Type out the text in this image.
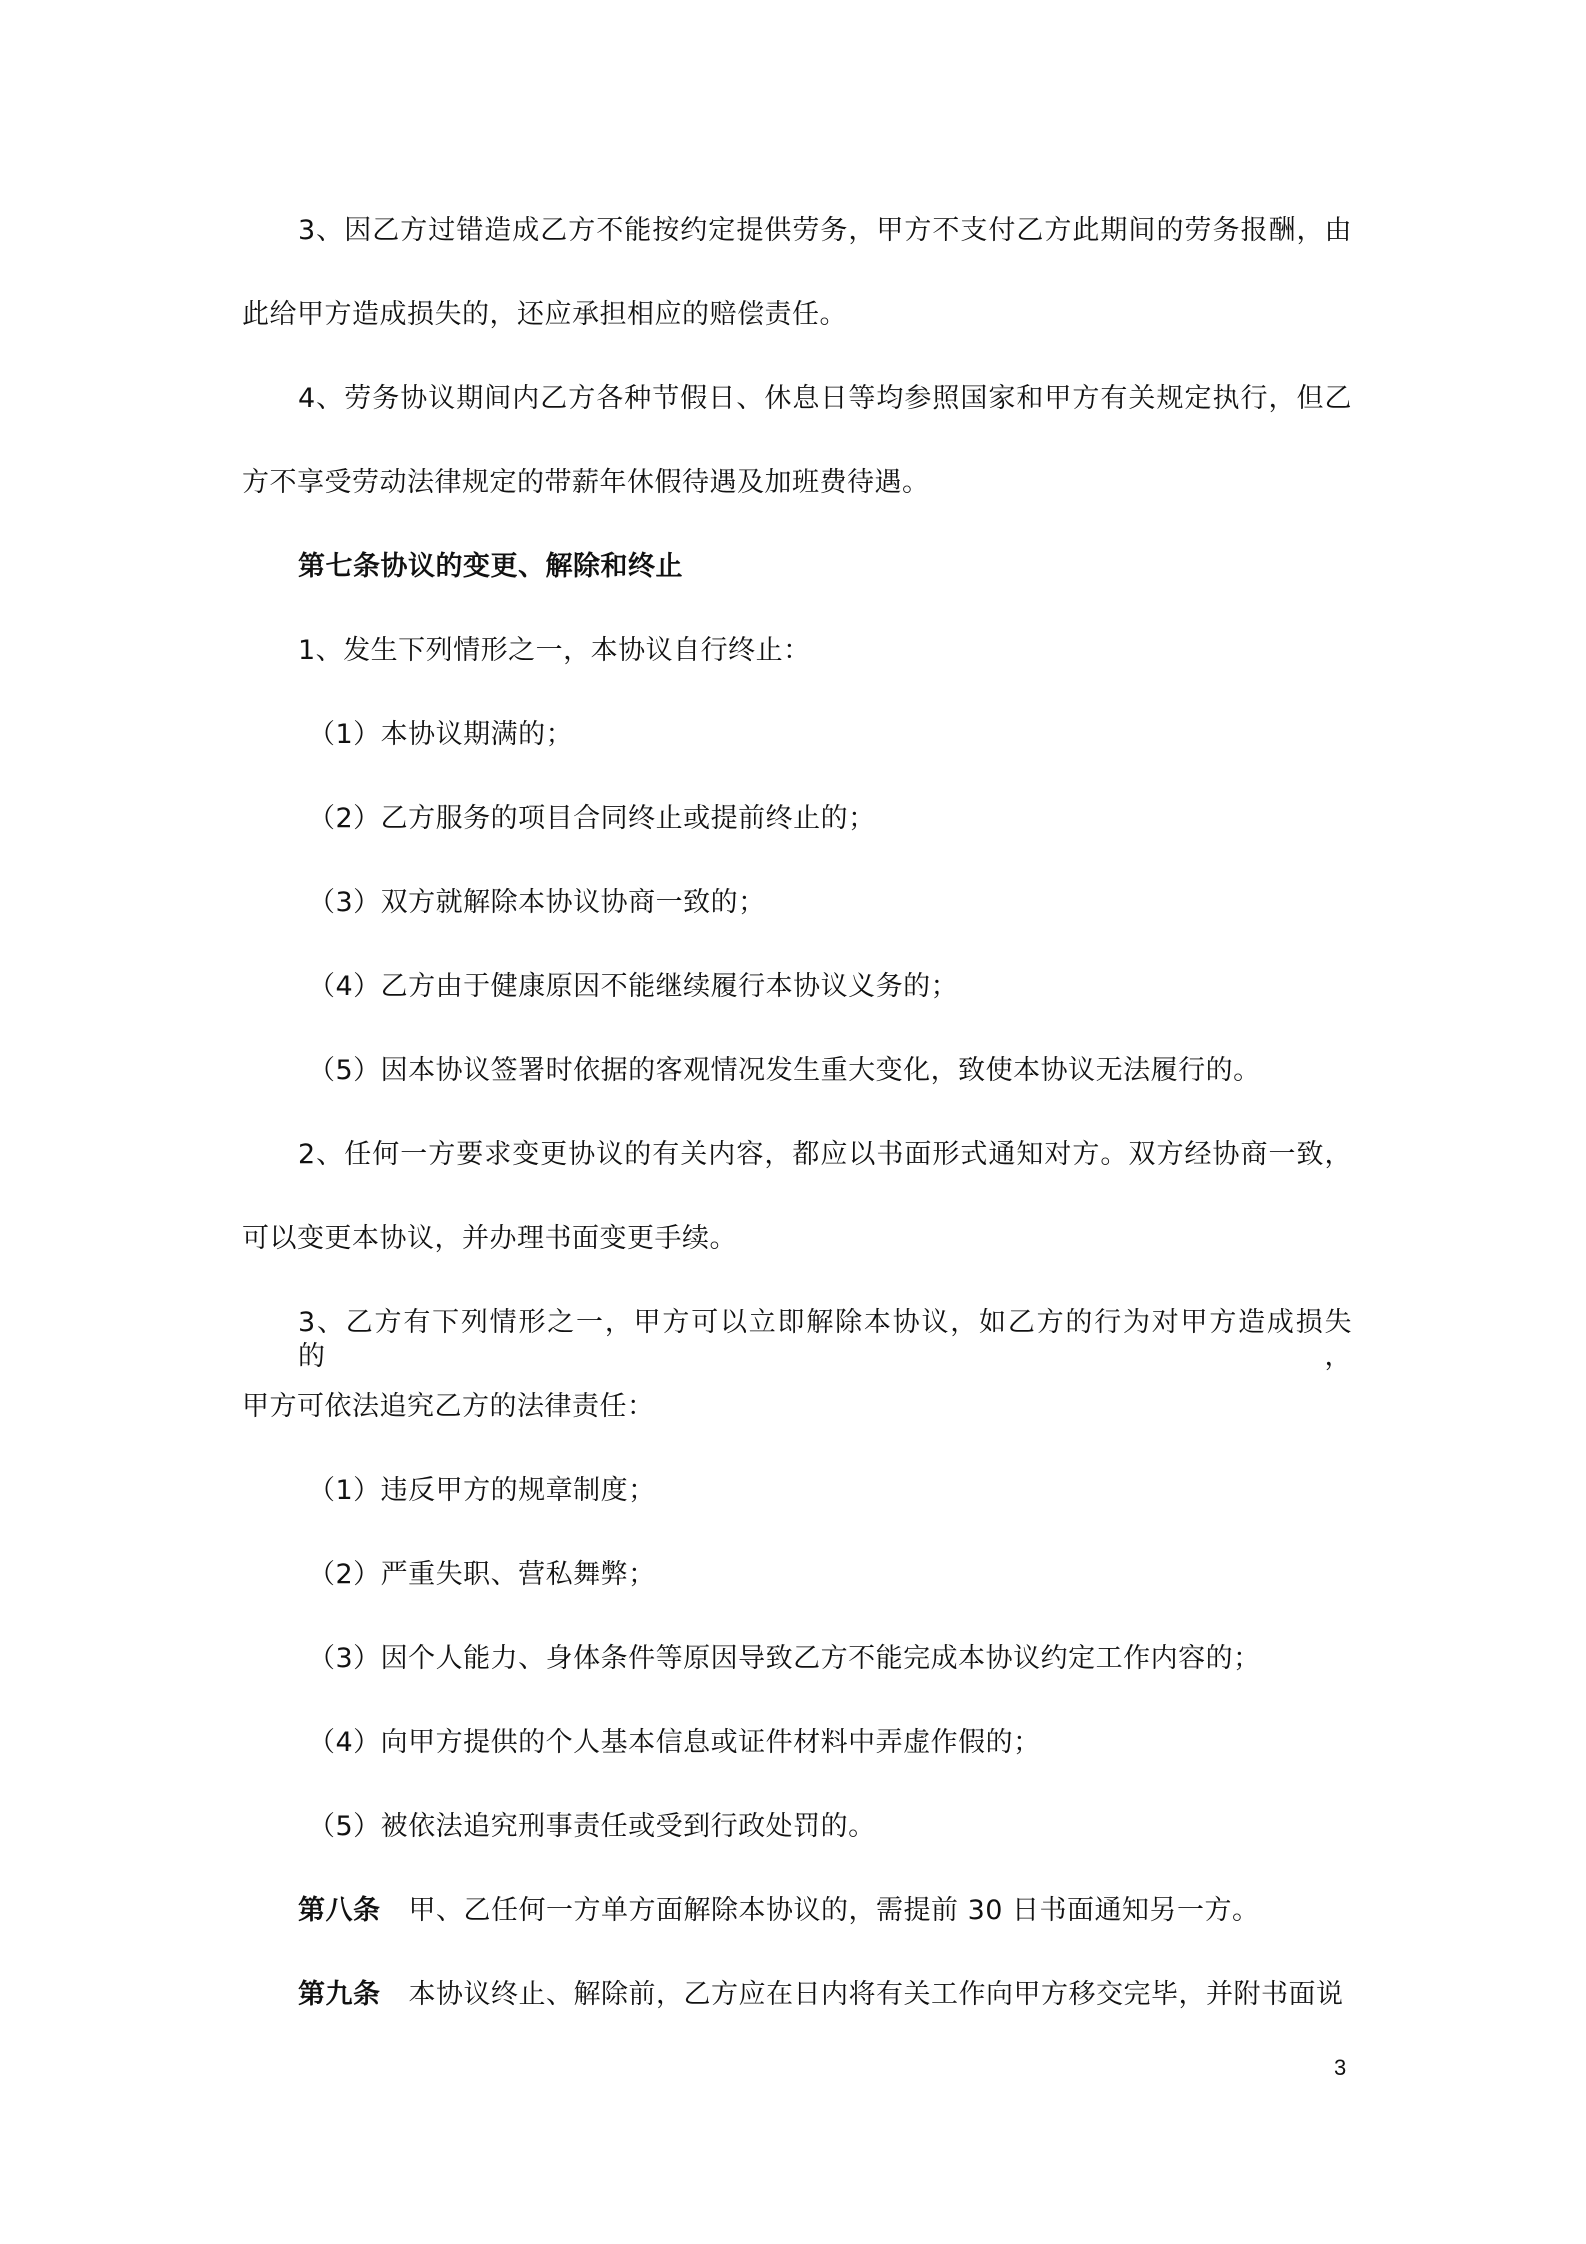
3、因乙方过错造成乙方不能按约定提供劳务，甲方不支付乙方此期间的劳务报酬，由
此给甲方造成损失的，还应承担相应的赔偿责任。
4、劳务协议期间内乙方各种节假日、休息日等均参照国家和甲方有关规定执行，但乙
方不享受劳动法律规定的带薪年休假待遇及加班费待遇。
第七条协议的变更、解除和终止
1、发生下列情形之一，本协议自行终止：
（1）本协议期满的；
（2）乙方服务的项目合同终止或提前终止的；
（3）双方就解除本协议协商一致的；
（4）乙方由于健康原因不能继续履行本协议义务的；
（5）因本协议签署时依据的客观情况发生重大变化，致使本协议无法履行的。
2、任何一方要求变更协议的有关内容，都应以书面形式通知对方。双方经协商一致，
可以变更本协议，并办理书面变更手续。
3、乙方有下列情形之一，甲方可以立即解除本协议，如乙方的行为对甲方造成损失的，
甲方可依法追究乙方的法律责任：
（1）违反甲方的规章制度；
（2）严重失职、营私舞弊；
（3）因个人能力、身体条件等原因导致乙方不能完成本协议约定工作内容的；
（4）向甲方提供的个人基本信息或证件材料中弄虚作假的；
（5）被依法追究刑事责任或受到行政处罚的。
第八条 甲、乙任何一方单方面解除本协议的，需提前 30 日书面通知另一方。
第九条 本协议终止、解除前，乙方应在日内将有关工作向甲方移交完毕，并附书面说
3
